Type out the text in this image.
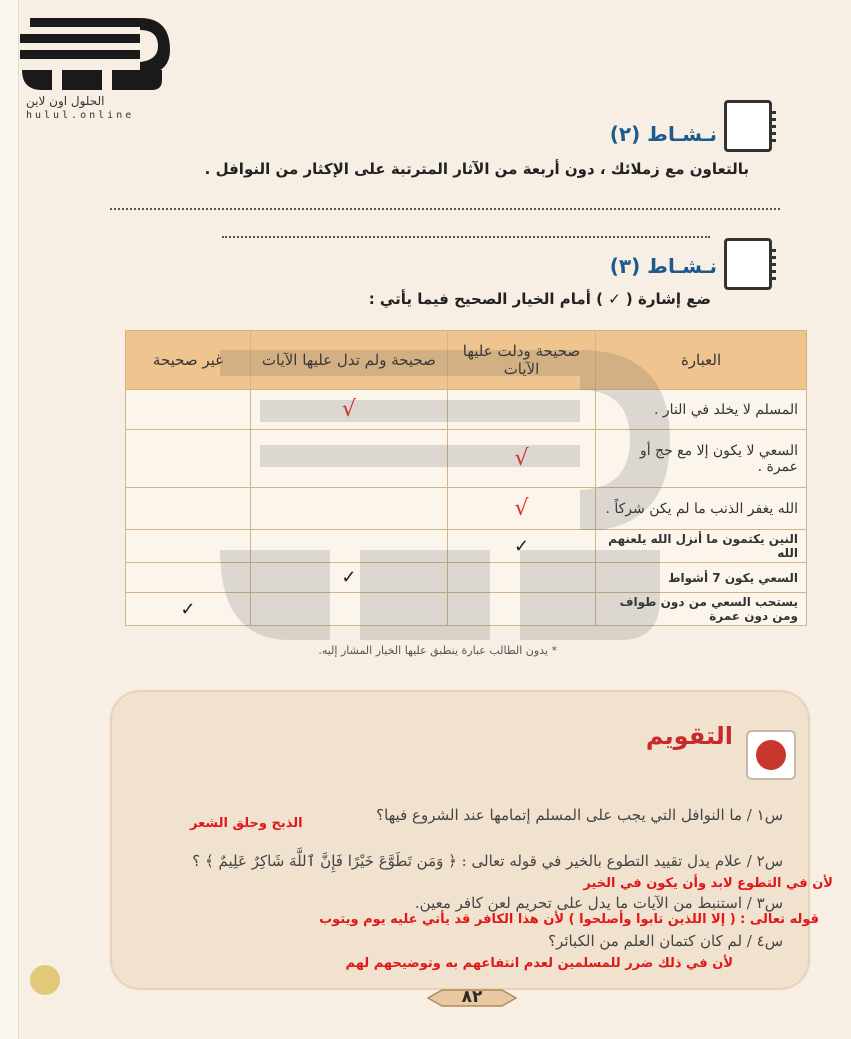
الحلول اون لاين
hulul.online
نـشـاط (٢)
بالتعاون مع زملائك ، دون أربعة من الآثار المترتبة على الإكثار من النوافل .
نـشـاط (٣)
ضع إشارة ( ✓ ) أمام الخيار الصحيح فيما يأتي :
العبارة	صحيحة ودلت عليها الآيات	صحيحة ولم تدل عليها الآيات	غير صحيحة
المسلم لا يخلد في النار .		√	
السعي لا يكون إلا مع حج أو عمرة .	√		
الله يغفر الذنب ما لم يكن شركاً .	√		
النين يكتمون ما أنزل الله يلعنهم الله	✓		
السعي يكون 7 أشواط		✓	
يستحب السعي من دون طواف ومن دون عمرة			✓
* يدون الطالب عبارة ينطبق عليها الخيار المشار إليه.
التقويم
س١ / ما النوافل التي يجب على المسلم إتمامها عند الشروع فيها؟
الذبح وحلق الشعر
س٢ / علام يدل تقييد التطوع بالخير في قوله تعالى : ﴿ وَمَن تَطَوَّعَ خَيْرًا فَإِنَّ ٱللَّهَ شَاكِرٌ عَلِيمٌ ﴾ ؟
لأن في التطوع لابد وأن يكون في الخير
س٣ / استنبط من الآيات ما يدل على تحريم لعن كافر معين.
قوله تعالى : ( إلا اللذين تابوا وأصلحوا ) لأن هذا الكافر قد يأتي عليه يوم ويتوب
س٤ / لم كان كتمان العلم من الكبائر؟
لأن في ذلك ضرر للمسلمين لعدم انتفاعهم به وتوضيحهم لهم
٨٢
